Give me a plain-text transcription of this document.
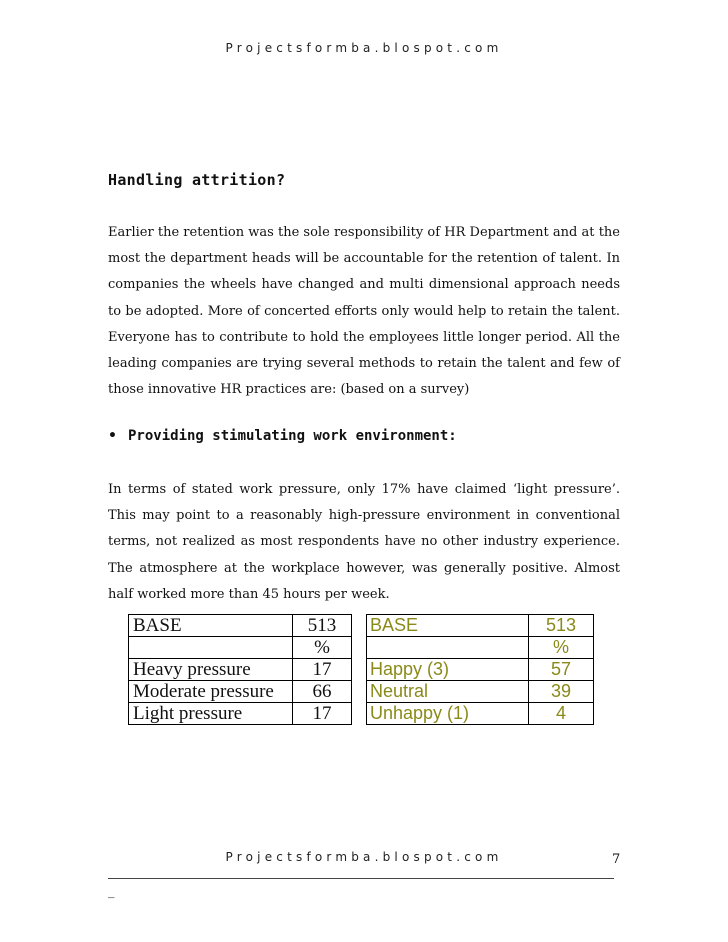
Projectsformba.blospot.com
Handling attrition?
Earlier the retention was the sole responsibility of HR Department and at the most the department heads will be accountable for the retention of talent. In companies the wheels have changed and multi dimensional approach needs to be adopted. More of concerted efforts only would help to retain the talent. Everyone has to contribute to hold the employees little longer period. All the leading companies are trying several methods to retain the talent and few of those innovative HR practices are: (based on a survey)
• Providing stimulating work environment:
In terms of stated work pressure, only 17% have claimed ‘light pressure’. This may point to a reasonably high-pressure environment in conventional terms, not realized as most respondents have no other industry experience. The atmosphere at the workplace however, was generally positive. Almost half worked more than 45 hours per week.
BASE	513
	%
Heavy pressure	17
Moderate pressure	66
Light pressure	17
BASE	513
	%
Happy (3)	57
Neutral	39
Unhappy (1)	4
Projectsformba.blospot.com	7
_
